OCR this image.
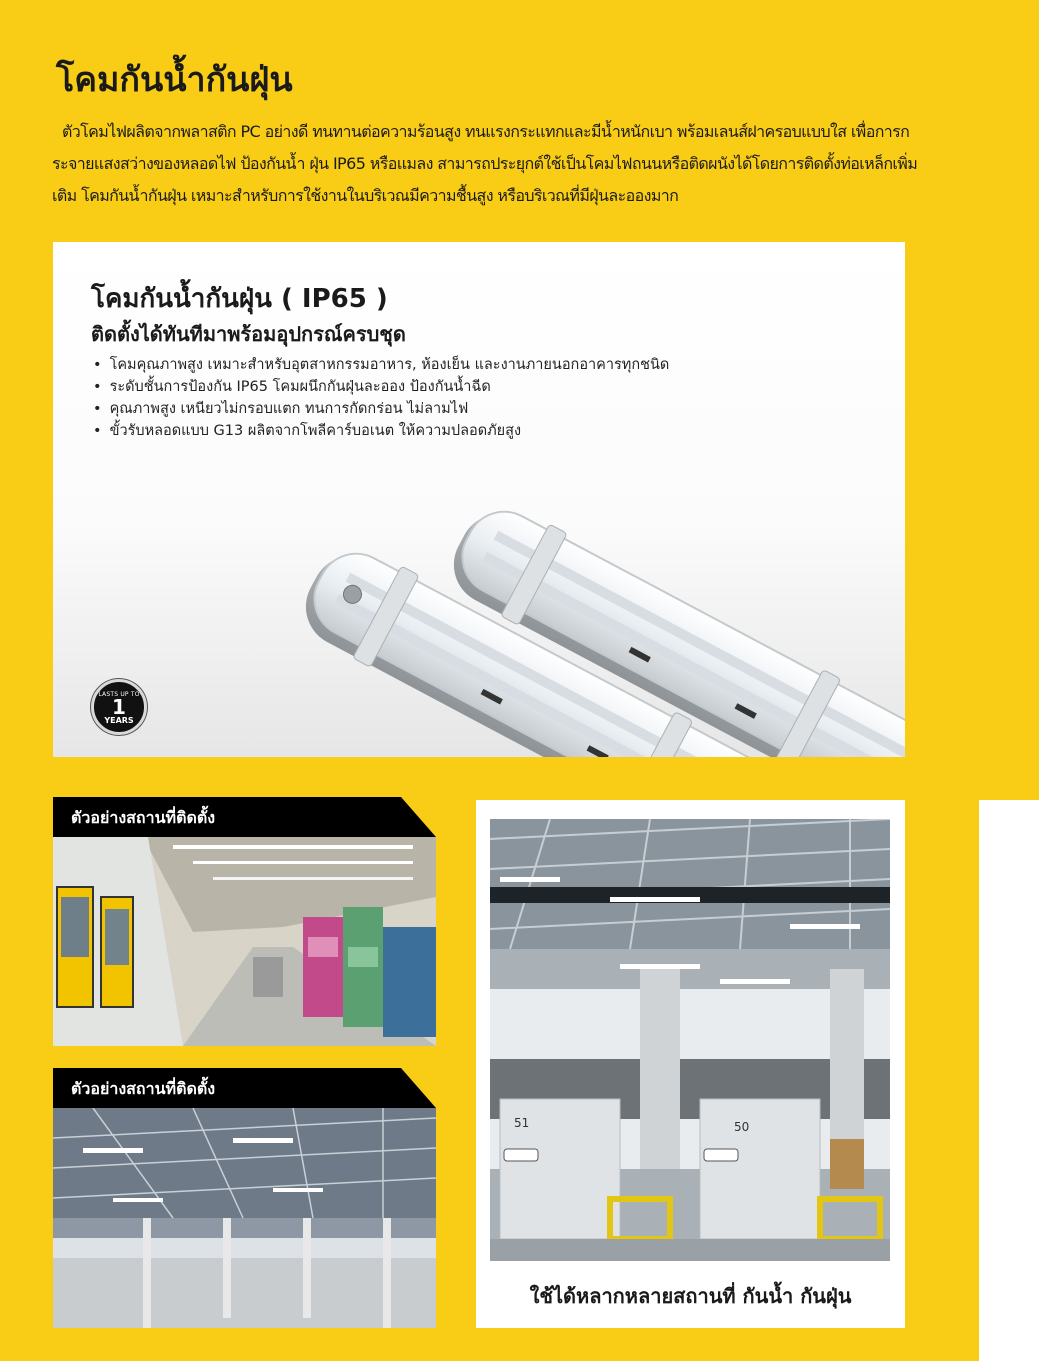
โคมกันน้ำกันฝุ่น

ตัวโคมไฟผลิตจากพลาสติก PC อย่างดี ทนทานต่อความร้อนสูง ทนแรงกระแทกและมีน้ำหนักเบา พร้อมเลนส์ฝาครอบแบบใส เพื่อการกระจายแสงสว่างของหลอดไฟ ป้องกันน้ำ ฝุ่น IP65 หรือแมลง สามารถประยุกต์ใช้เป็นโคมไฟถนนหรือติดผนังได้โดยการติดตั้งท่อเหล็กเพิ่มเติม โคมกันน้ำกันฝุ่น เหมาะสำหรับการใช้งานในบริเวณมีความชื้นสูง หรือบริเวณที่มีฝุ่นละอองมาก

โคมกันน้ำกันฝุ่น ( IP65 )
ติดตั้งได้ทันทีมาพร้อมอุปกรณ์ครบชุด
• โคมคุณภาพสูง เหมาะสำหรับอุตสาหกรรมอาหาร, ห้องเย็น และงานภายนอกอาคารทุกชนิด
• ระดับชั้นการป้องกัน IP65 โคมผนึกกันฝุ่นละออง ป้องกันน้ำฉีด
• คุณภาพสูง เหนียวไม่กรอบแตก ทนการกัดกร่อน ไม่ลามไฟ
• ขั้วรับหลอดแบบ G13 ผลิตจากโพลีคาร์บอเนต ให้ความปลอดภัยสูง
LASTS UP TO
1
YEARS
ตัวอย่างสถานที่ติดตั้ง
ตัวอย่างสถานที่ติดตั้ง
51	50
ใช้ได้หลากหลายสถานที่ กันน้ำ กันฝุ่น
